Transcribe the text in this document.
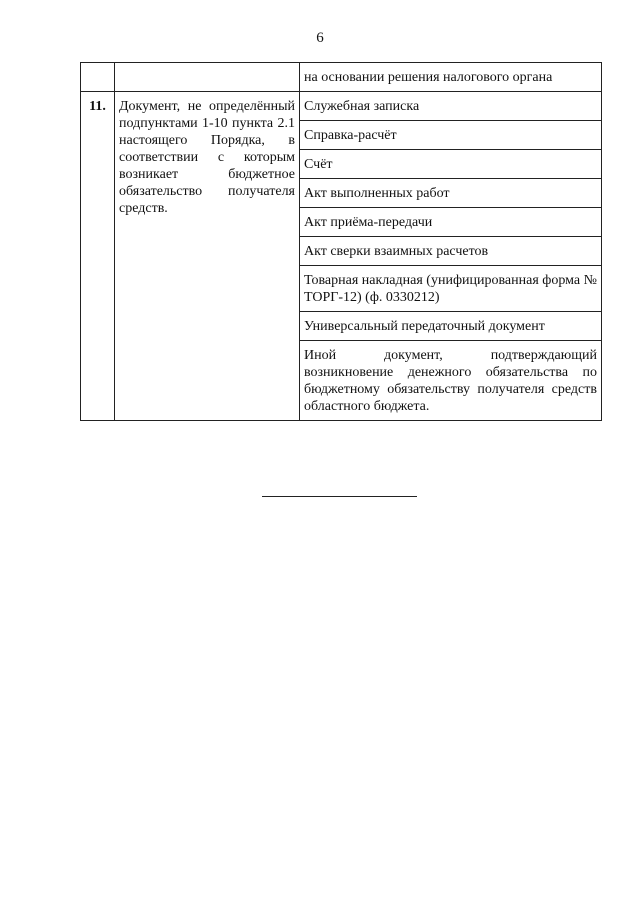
6
		на основании решения налогового органа
11.	Документ, не определённый подпунктами 1-10 пункта 2.1 настоящего Порядка, в соответствии с которым возникает бюджетное обязательство получателя средств.	Служебная записка
		Справка-расчёт
		Счёт
		Акт выполненных работ
		Акт приёма-передачи
		Акт сверки взаимных расчетов
		Товарная накладная (унифицированная форма № ТОРГ-12) (ф. 0330212)
		Универсальный передаточный документ
		Иной документ, подтверждающий возникновение денежного обязательства по бюджетному обязательству получателя средств областного бюджета.
